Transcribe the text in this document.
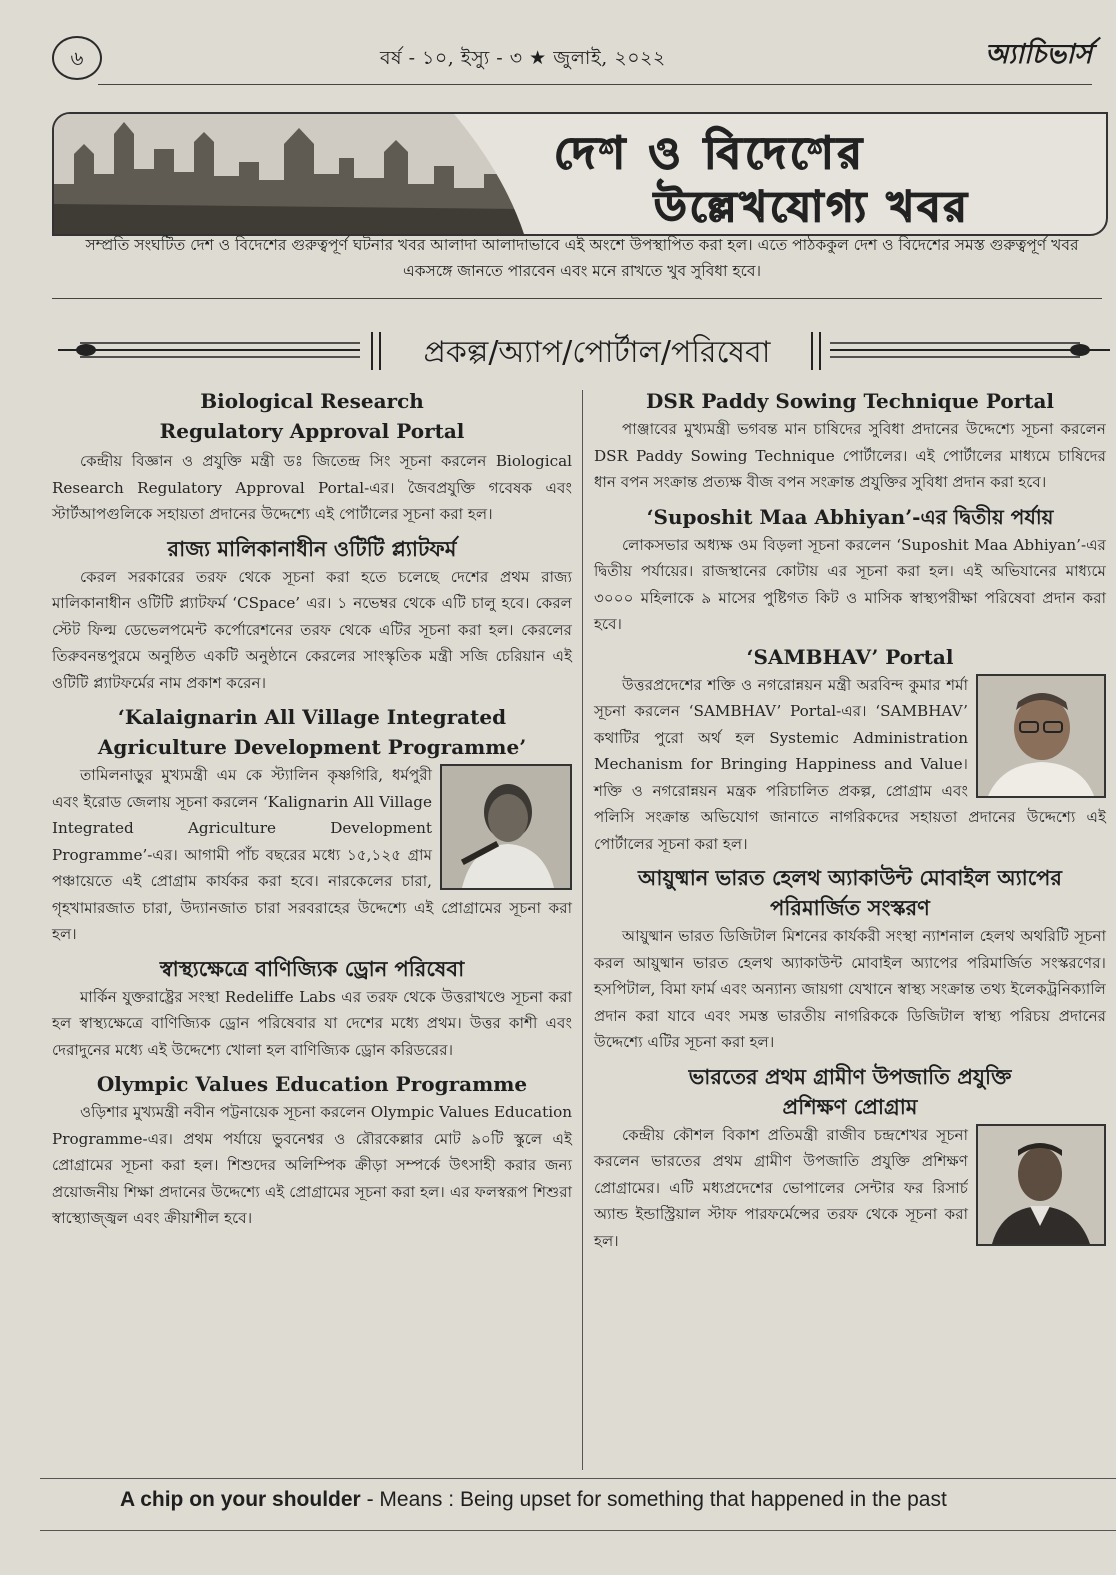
৬	বর্ষ - ১০, ইস্যু - ৩ ★ জুলাই, ২০২২	অ্যাচিভার্স
দেশ ও বিদেশের
উল্লেখযোগ্য খবর
সম্প্রতি সংঘটিত দেশ ও বিদেশের গুরুত্বপূর্ণ ঘটনার খবর আলাদা আলাদাভাবে এই অংশে উপস্থাপিত করা হল। এতে পাঠককুল দেশ ও বিদেশের সমস্ত গুরুত্বপূর্ণ খবর একসঙ্গে জানতে পারবেন এবং মনে রাখতে খুব সুবিধা হবে।
প্রকল্প/অ্যাপ/পোর্টাল/পরিষেবা

Biological Research Regulatory Approval Portal

কেন্দ্রীয় বিজ্ঞান ও প্রযুক্তি মন্ত্রী ডঃ জিতেন্দ্র সিং সূচনা করলেন Biological Research Regulatory Approval Portal-এর। জৈবপ্রযুক্তি গবেষক এবং স্টার্টআপগুলিকে সহায়তা প্রদানের উদ্দেশ্যে এই পোর্টালের সূচনা করা হল।

রাজ্য মালিকানাধীন ওটিটি প্ল্যাটফর্ম

কেরল সরকারের তরফ থেকে সূচনা করা হতে চলেছে দেশের প্রথম রাজ্য মালিকানাধীন ওটিটি প্ল্যাটফর্ম ‘CSpace’ এর। ১ নভেম্বর থেকে এটি চালু হবে। কেরল স্টেট ফিল্ম ডেভেলপমেন্ট কর্পোরেশনের তরফ থেকে এটির সূচনা করা হল। কেরলের তিরুবনন্তপুরমে অনুষ্ঠিত একটি অনুষ্ঠানে কেরলের সাংস্কৃতিক মন্ত্রী সজি চেরিয়ান এই ওটিটি প্ল্যাটফর্মের নাম প্রকাশ করেন।

‘Kalaignarin All Village Integrated Agriculture Development Programme’

তামিলনাড়ুর মুখ্যমন্ত্রী এম কে স্ট্যালিন কৃষ্ণগিরি, ধর্মপুরী এবং ইরোড জেলায় সূচনা করলেন ‘Kalignarin All Village Integrated Agriculture Development Programme’-এর। আগামী পাঁচ বছরের মধ্যে ১৫,১২৫ গ্রাম পঞ্চায়েতে এই প্রোগ্রাম কার্যকর করা হবে। নারকেলের চারা, গৃহখামারজাত চারা, উদ্যানজাত চারা সরবরাহের উদ্দেশ্যে এই প্রোগ্রামের সূচনা করা হল।

স্বাস্থ্যক্ষেত্রে বাণিজ্যিক ড্রোন পরিষেবা

মার্কিন যুক্তরাষ্ট্রের সংস্থা Redeliffe Labs এর তরফ থেকে উত্তরাখণ্ডে সূচনা করা হল স্বাস্থ্যক্ষেত্রে বাণিজ্যিক ড্রোন পরিষেবার যা দেশের মধ্যে প্রথম। উত্তর কাশী এবং দেরাদুনের মধ্যে এই উদ্দেশ্যে খোলা হল বাণিজ্যিক ড্রোন করিডরের।

Olympic Values Education Programme

ওড়িশার মুখ্যমন্ত্রী নবীন পট্টনায়েক সূচনা করলেন Olympic Values Education Programme-এর। প্রথম পর্যায়ে ভুবনেশ্বর ও রৌরকেল্লার মোট ৯০টি স্কুলে এই প্রোগ্রামের সূচনা করা হল। শিশুদের অলিম্পিক ক্রীড়া সম্পর্কে উৎসাহী করার জন্য প্রয়োজনীয় শিক্ষা প্রদানের উদ্দেশ্যে এই প্রোগ্রামের সূচনা করা হল। এর ফলস্বরূপ শিশুরা স্বাস্থ্যোজ্জ্বল এবং ক্রীয়াশীল হবে।

DSR Paddy Sowing Technique Portal

পাঞ্জাবের মুখ্যমন্ত্রী ভগবন্ত মান চাষিদের সুবিধা প্রদানের উদ্দেশ্যে সূচনা করলেন DSR Paddy Sowing Technique পোর্টালের। এই পোর্টালের মাধ্যমে চাষিদের ধান বপন সংক্রান্ত প্রত্যক্ষ বীজ বপন সংক্রান্ত প্রযুক্তির সুবিধা প্রদান করা হবে।

‘Suposhit Maa Abhiyan’-এর দ্বিতীয় পর্যায়

লোকসভার অধ্যক্ষ ওম বিড়লা সূচনা করলেন ‘Suposhit Maa Abhiyan’-এর দ্বিতীয় পর্যায়ের। রাজস্থানের কোটায় এর সূচনা করা হল। এই অভিযানের মাধ্যমে ৩০০০ মহিলাকে ৯ মাসের পুষ্টিগত কিট ও মাসিক স্বাস্থ্যপরীক্ষা পরিষেবা প্রদান করা হবে।

‘SAMBHAV’ Portal

উত্তরপ্রদেশের শক্তি ও নগরোন্নয়ন মন্ত্রী অরবিন্দ কুমার শর্মা সূচনা করলেন ‘SAMBHAV’ Portal-এর। ‘SAMBHAV’ কথাটির পুরো অর্থ হল Systemic Administration Mechanism for Bringing Happiness and Value। শক্তি ও নগরোন্নয়ন মন্ত্রক পরিচালিত প্রকল্প, প্রোগ্রাম এবং পলিসি সংক্রান্ত অভিযোগ জানাতে নাগরিকদের সহায়তা প্রদানের উদ্দেশ্যে এই পোর্টালের সূচনা করা হল।

আয়ুষ্মান ভারত হেলথ অ্যাকাউন্ট মোবাইল অ্যাপের পরিমার্জিত সংস্করণ

আয়ুষ্মান ভারত ডিজিটাল মিশনের কার্যকরী সংস্থা ন্যাশনাল হেলথ অথরিটি সূচনা করল আয়ুষ্মান ভারত হেলথ অ্যাকাউন্ট মোবাইল অ্যাপের পরিমার্জিত সংস্করণের। হসপিটাল, বিমা ফার্ম এবং অন্যান্য জায়গা যেখানে স্বাস্থ্য সংক্রান্ত তথ্য ইলেকট্রনিক্যালি প্রদান করা যাবে এবং সমস্ত ভারতীয় নাগরিককে ডিজিটাল স্বাস্থ্য পরিচয় প্রদানের উদ্দেশ্যে এটির সূচনা করা হল।

ভারতের প্রথম গ্রামীণ উপজাতি প্রযুক্তি প্রশিক্ষণ প্রোগ্রাম

কেন্দ্রীয় কৌশল বিকাশ প্রতিমন্ত্রী রাজীব চন্দ্রশেখর সূচনা করলেন ভারতের প্রথম গ্রামীণ উপজাতি প্রযুক্তি প্রশিক্ষণ প্রোগ্রামের। এটি মধ্যপ্রদেশের ভোপালের সেন্টার ফর রিসার্চ অ্যান্ড ইন্ডাস্ট্রিয়াল স্টাফ পারফর্মেন্সের তরফ থেকে সূচনা করা হল।

A chip on your shoulder - Means : Being upset for something that happened in the past
